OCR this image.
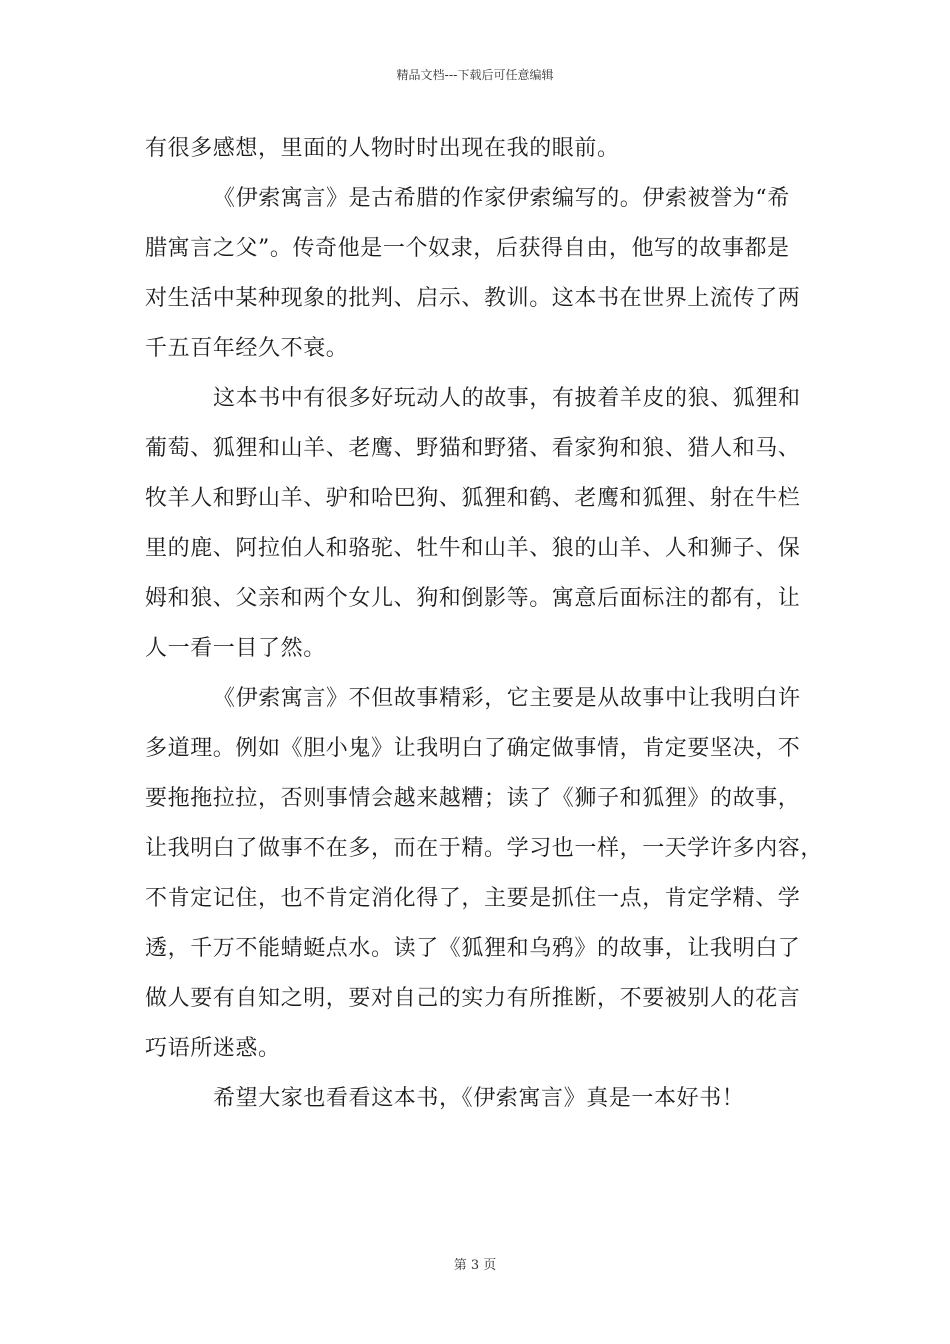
精品文档---下载后可任意编辑
有很多感想，里面的人物时时出现在我的眼前。
《伊索寓言》是古希腊的作家伊索编写的。伊索被誉为“希
腊寓言之父”。传奇他是一个奴隶，后获得自由，他写的故事都是
对生活中某种现象的批判、启示、教训。这本书在世界上流传了两
千五百年经久不衰。
这本书中有很多好玩动人的故事，有披着羊皮的狼、狐狸和
葡萄、狐狸和山羊、老鹰、野猫和野猪、看家狗和狼、猎人和马、
牧羊人和野山羊、驴和哈巴狗、狐狸和鹤、老鹰和狐狸、射在牛栏
里的鹿、阿拉伯人和骆驼、牡牛和山羊、狼的山羊、人和狮子、保
姆和狼、父亲和两个女儿、狗和倒影等。寓意后面标注的都有，让
人一看一目了然。
《伊索寓言》不但故事精彩，它主要是从故事中让我明白许
多道理。例如《胆小鬼》让我明白了确定做事情，肯定要坚决，不
要拖拖拉拉，否则事情会越来越糟；读了《狮子和狐狸》的故事，
让我明白了做事不在多，而在于精。学习也一样，一天学许多内容，
不肯定记住，也不肯定消化得了，主要是抓住一点，肯定学精、学
透，千万不能蜻蜓点水。读了《狐狸和乌鸦》的故事，让我明白了
做人要有自知之明，要对自己的实力有所推断，不要被别人的花言
巧语所迷惑。
希望大家也看看这本书，《伊索寓言》真是一本好书！
第 3 页
